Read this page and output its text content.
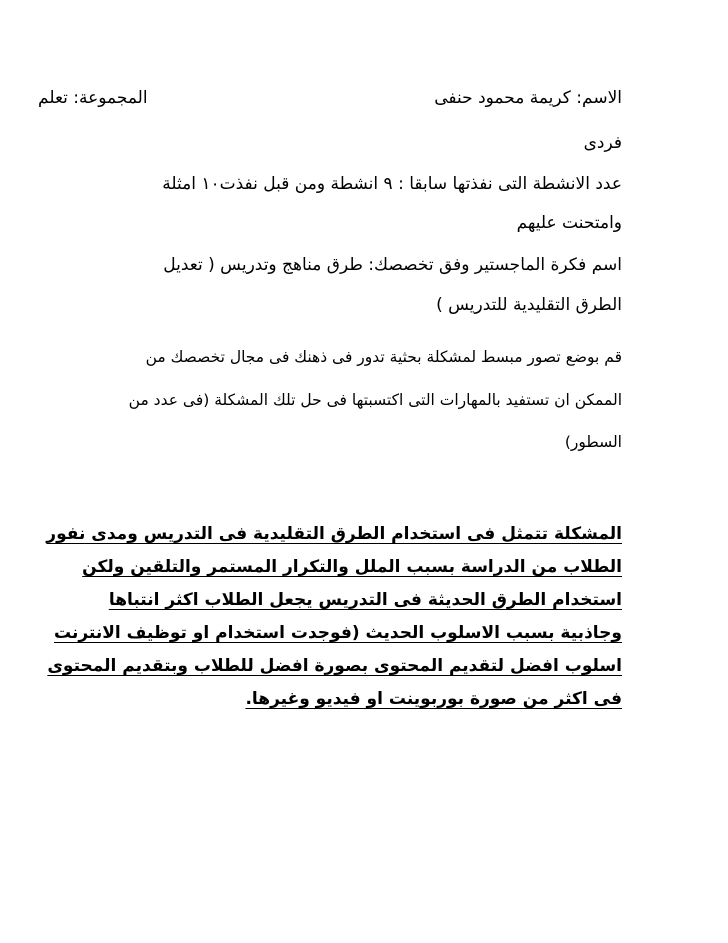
الاسم: كريمة محمود حنفى
المجموعة: تعلم
فردى
عدد الانشطة التى نفذتها سابقا : ٩ انشطة ومن قبل نفذت١٠ امثلة
وامتحنت عليهم
اسم فكرة الماجستير وفق تخصصك: طرق مناهج وتدريس ( تعديل
الطرق التقليدية للتدريس )
قم بوضع تصور مبسط لمشكلة بحثية تدور فى ذهنك فى مجال تخصصك من
الممكن ان تستفيد بالمهارات التى اكتسبتها فى حل تلك المشكلة (فى عدد من
السطور)
المشكلة تتمثل فى استخدام الطرق التقليدية فى التدريس ومدى نفور
الطلاب من الدراسة بسبب الملل والتكرار المستمر والتلقين ولكن
استخدام الطرق الحديثة فى التدريس يجعل الطلاب اكثر انتباها
وجاذبية بسبب الاسلوب الحديث (فوجدت استخدام او توظيف الانترنت
اسلوب افضل لتقديم المحتوى بصورة افضل للطلاب وبتقديم المحتوى
فى اكثر من صورة بوربوينت او فيديو وغيرها.
